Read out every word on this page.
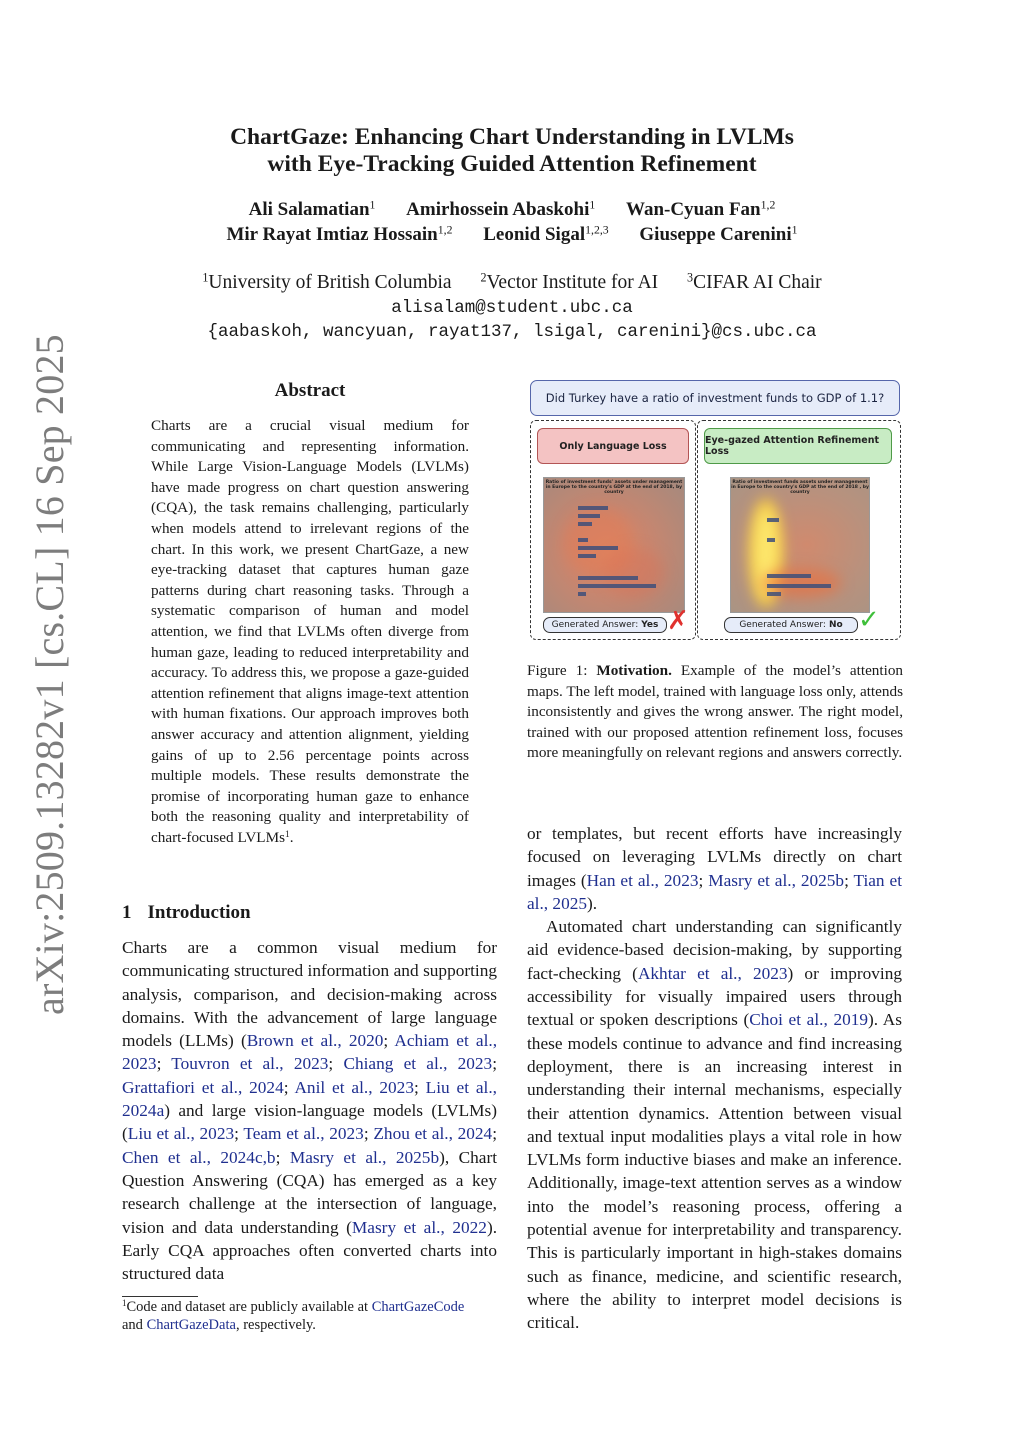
arXiv:2509.13282v1 [cs.CL] 16 Sep 2025
ChartGaze: Enhancing Chart Understanding in LVLMs
with Eye-Tracking Guided Attention Refinement
Ali Salamatian$^1$ Amirhossein Abaskohi$^1$ Wan-Cyuan Fan$^{1,2}$
Mir Rayat Imtiaz Hossain$^{1,2}$ Leonid Sigal$^{1,2,3}$ Giuseppe Carenini$^1$
$^1$University of British Columbia $^2$Vector Institute for AI $^3$CIFAR AI Chair
alisalam@student.ubc.ca
{aabaskoh, wancyuan, rayat137, lsigal, carenini}@cs.ubc.ca
Abstract
Charts are a crucial visual medium for communicating and representing information. While Large Vision-Language Models (LVLMs) have made progress on chart question answering (CQA), the task remains challenging, particularly when models attend to irrelevant regions of the chart. In this work, we present ChartGaze, a new eye-tracking dataset that captures human gaze patterns during chart reasoning tasks. Through a systematic comparison of human and model attention, we find that LVLMs often diverge from human gaze, leading to reduced interpretability and accuracy. To address this, we propose a gaze-guided attention refinement that aligns image-text attention with human fixations. Our approach improves both answer accuracy and attention alignment, yielding gains of up to 2.56 percentage points across multiple models. These results demonstrate the promise of incorporating human gaze to enhance both the reasoning quality and interpretability of chart-focused LVLMs$^1$.
1 Introduction
Charts are a common visual medium for communicating structured information and supporting analysis, comparison, and decision-making across domains. With the advancement of large language models (LLMs) (Brown et al., 2020; Achiam et al., 2023; Touvron et al., 2023; Chiang et al., 2023; Grattafiori et al., 2024; Anil et al., 2023; Liu et al., 2024a) and large vision-language models (LVLMs) (Liu et al., 2023; Team et al., 2023; Zhou et al., 2024; Chen et al., 2024c,b; Masry et al., 2025b), Chart Question Answering (CQA) has emerged as a key research challenge at the intersection of language, vision and data understanding (Masry et al., 2022). Early CQA approaches often converted charts into structured data
$^1$Code and dataset are publicly available at ChartGazeCode
and ChartGazeData, respectively.
Did Turkey have a ratio of investment funds to GDP of 1.1?
Only Language Loss
Ratio of investment funds' assets under management in Europe to the country's GDP at the end of 2018, by country
Generated Answer: Yes ✗
Eye-gazed Attention Refinement Loss
Ratio of investment funds assets under management in Europe to the country's GDP at the end of 2018 , by country
Generated Answer: No ✓
Figure 1: Motivation. Example of the model’s attention maps. The left model, trained with language loss only, attends inconsistently and gives the wrong answer. The right model, trained with our proposed attention refinement loss, focuses more meaningfully on relevant regions and answers correctly.

or templates, but recent efforts have increasingly focused on leveraging LVLMs directly on chart images (Han et al., 2023; Masry et al., 2025b; Tian et al., 2025).

Automated chart understanding can significantly aid evidence-based decision-making, by supporting fact-checking (Akhtar et al., 2023) or improving accessibility for visually impaired users through textual or spoken descriptions (Choi et al., 2019). As these models continue to advance and find increasing deployment, there is an increasing interest in understanding their internal mechanisms, especially their attention dynamics. Attention between visual and textual input modalities plays a vital role in how LVLMs form inductive biases and make an inference. Additionally, image-text attention serves as a window into the model’s reasoning process, offering a potential avenue for interpretability and transparency. This is particularly important in high-stakes domains such as finance, medicine, and scientific research, where the ability to interpret model decisions is critical.
